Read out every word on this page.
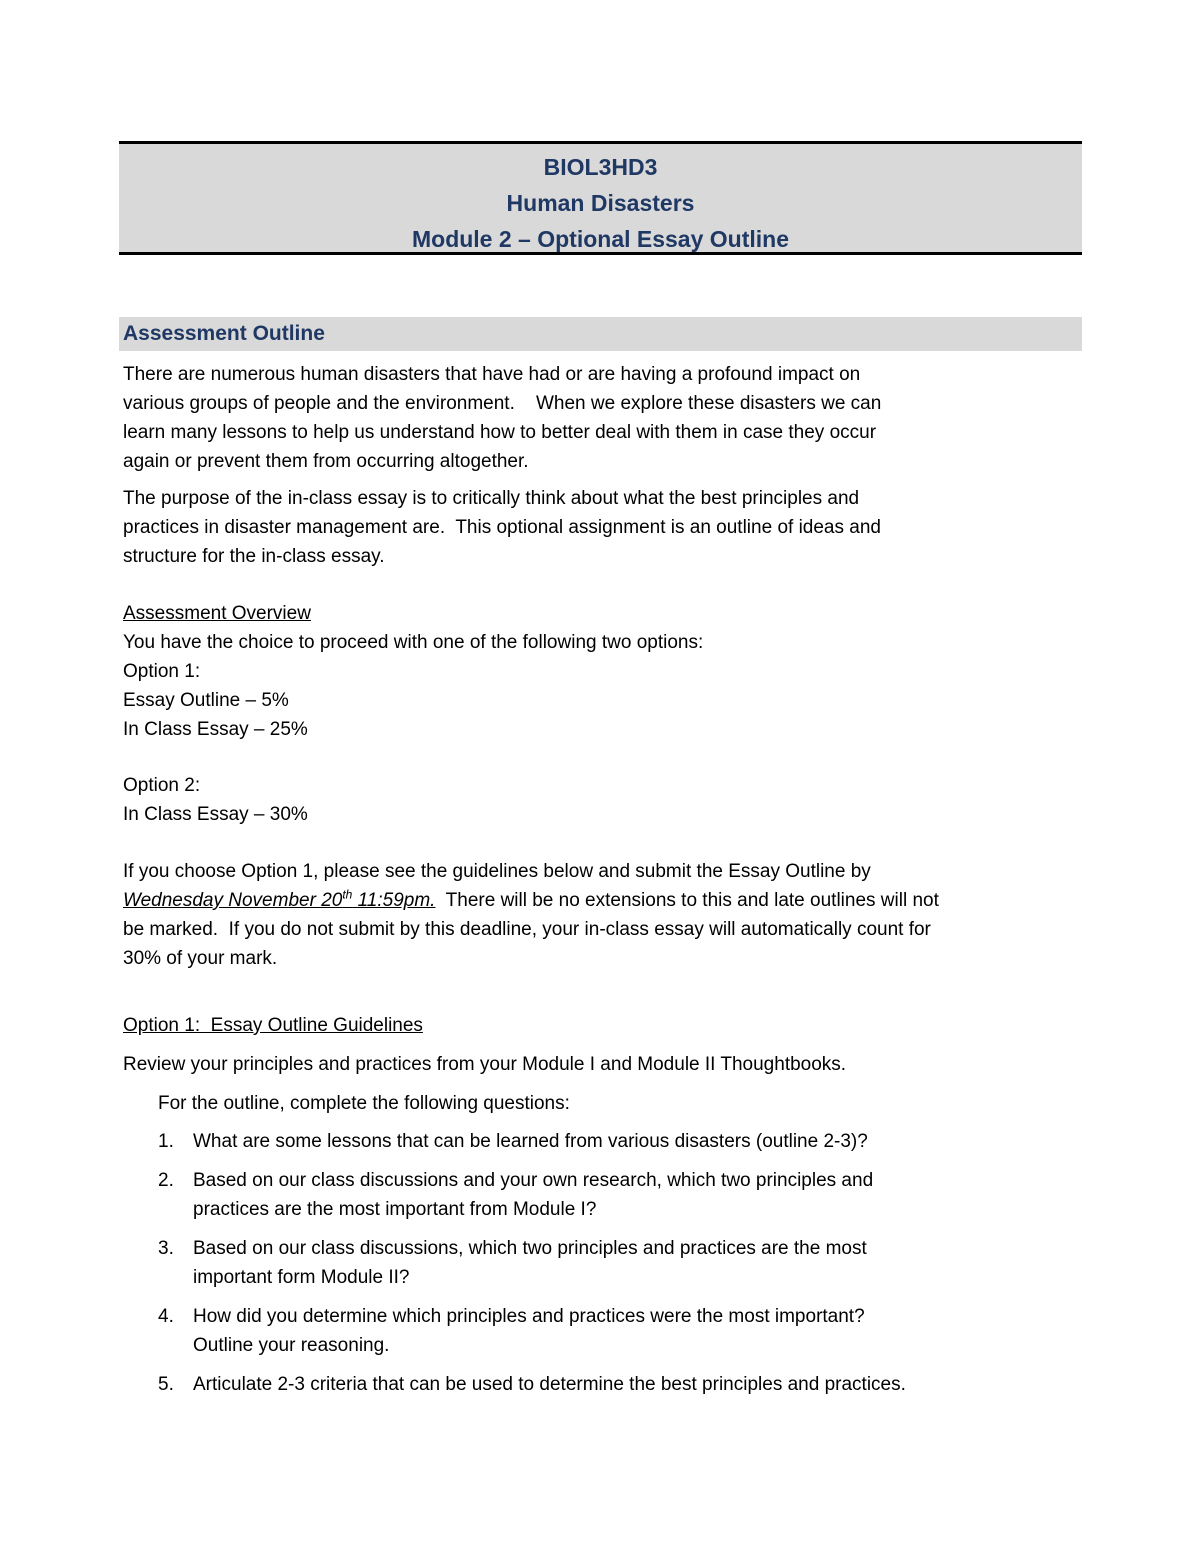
BIOL3HD3
Human Disasters
Module 2 – Optional Essay Outline
Assessment Outline

There are numerous human disasters that have had or are having a profound impact on

various groups of people and the environment.    When we explore these disasters we can

learn many lessons to help us understand how to better deal with them in case they occur

again or prevent them from occurring altogether.

The purpose of the in-class essay is to critically think about what the best principles and

practices in disaster management are.  This optional assignment is an outline of ideas and

structure for the in-class essay.

Assessment Overview

You have the choice to proceed with one of the following two options:

Option 1:

Essay Outline – 5%

In Class Essay – 25%

Option 2:

In Class Essay – 30%

If you choose Option 1, please see the guidelines below and submit the Essay Outline by

Wednesday November 20th 11:59pm.  There will be no extensions to this and late outlines will not

be marked.  If you do not submit by this deadline, your in-class essay will automatically count for

30% of your mark.

Option 1:  Essay Outline Guidelines

Review your principles and practices from your Module I and Module II Thoughtbooks.

For the outline, complete the following questions:
1. What are some lessons that can be learned from various disasters (outline 2-3)?
2. Based on our class discussions and your own research, which two principles and
practices are the most important from Module I?
3. Based on our class discussions, which two principles and practices are the most
important form Module II?
4. How did you determine which principles and practices were the most important?
Outline your reasoning.
5. Articulate 2-3 criteria that can be used to determine the best principles and practices.
